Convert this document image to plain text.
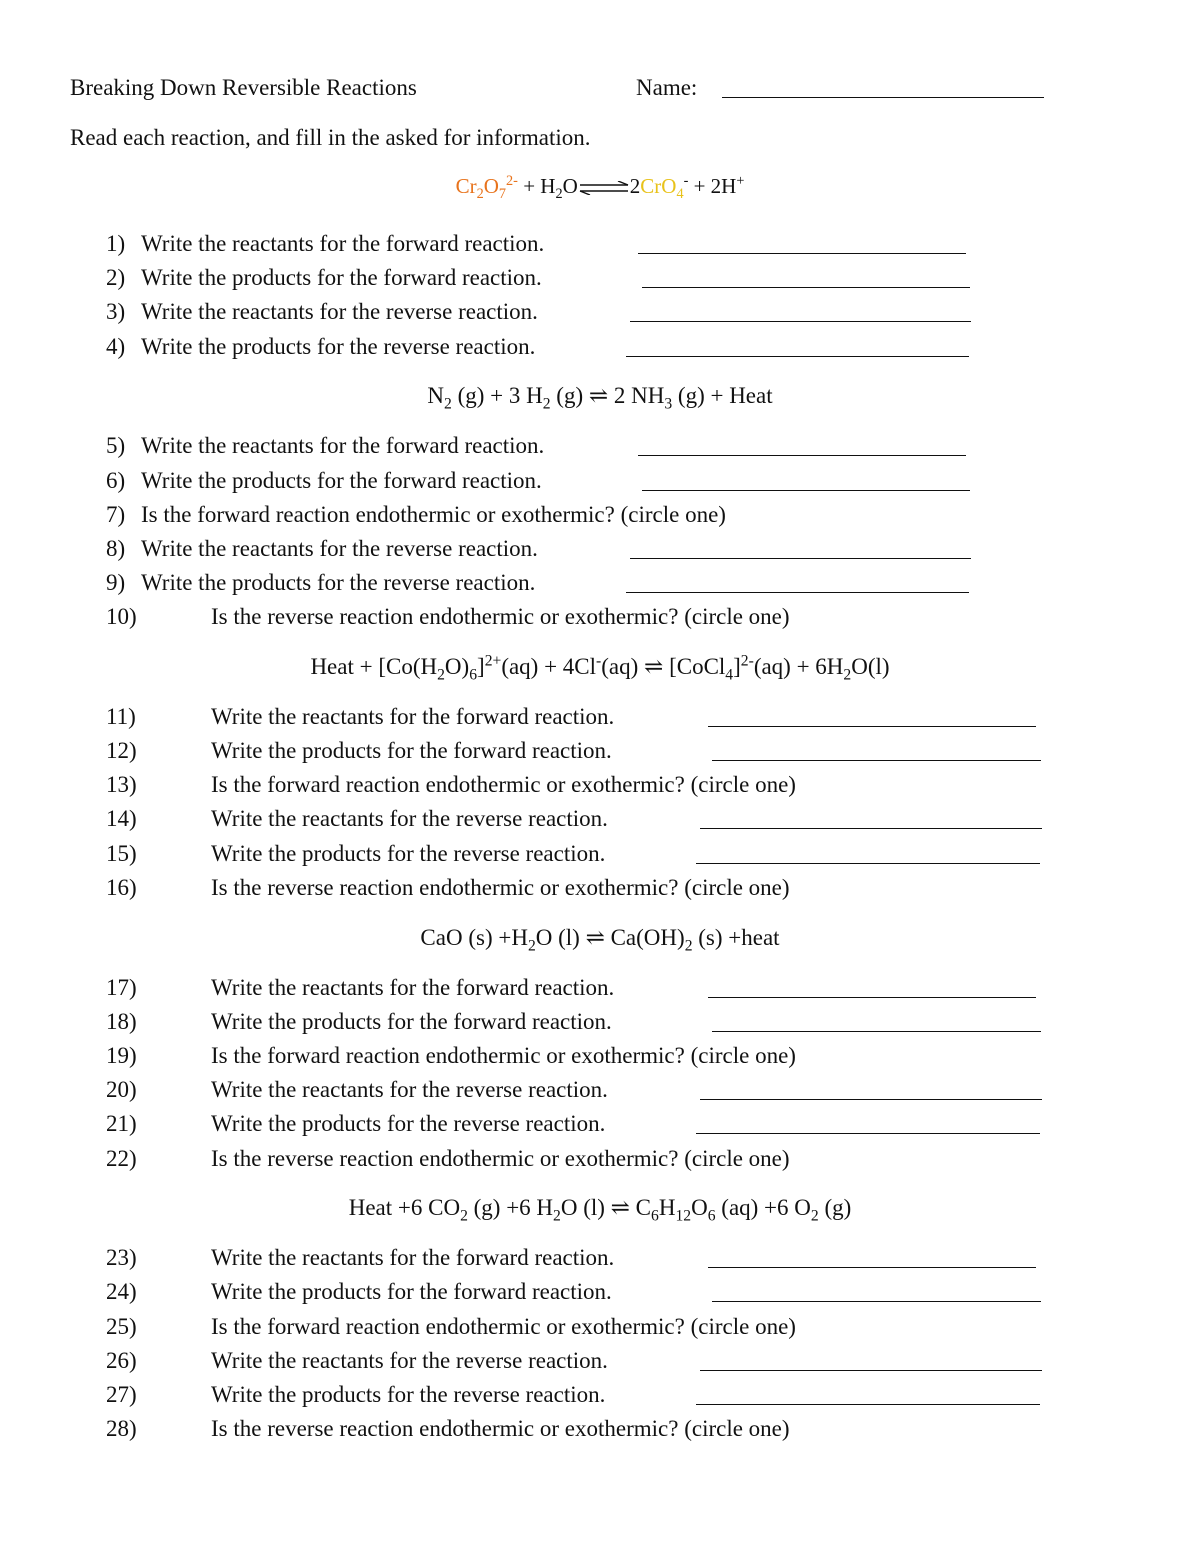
Breaking Down Reversible Reactions	Name:
Read each reaction, and fill in the asked for information.
$Cr_2O_7^{2-}$ + $H_2O\rightleftharpoons 2CrO_4^- + 2H^+$
$N_2$ (g) + 3 $H_2$ (g) ⇌ 2 $NH_3$ (g) + Heat
Heat + $[Co(H_2O)_6]^{2+}(aq) + 4Cl^-(aq)$ ⇌ [CoCl$_4$]$^{2-}$(aq) + $6H_2O(l)$
CaO $(s) +H_2O$ (l) ⇌ $Ca(OH)_2$ (s) +heat
Heat +6 $CO_2$ (g) +6 $H_2O$ (l) ⇌ $C_6H_{12}O_6$ (aq) +6 $O_2$ (g)
1) Write the reactants for the forward reaction.
2) Write the products for the forward reaction.
3) Write the reactants for the reverse reaction.
4) Write the products for the reverse reaction.
5) Write the reactants for the forward reaction.
6) Write the products for the forward reaction.
7) Is the forward reaction endothermic or exothermic? (circle one)
8) Write the reactants for the reverse reaction.
9) Write the products for the reverse reaction.
10)	Is the reverse reaction endothermic or exothermic? (circle one)
11)	Write the reactants for the forward reaction.
12)	Write the products for the forward reaction.
13)	Is the forward reaction endothermic or exothermic? (circle one)
14)	Write the reactants for the reverse reaction.
15)	Write the products for the reverse reaction.
16)	Is the reverse reaction endothermic or exothermic? (circle one)
17)	Write the reactants for the forward reaction.
18)	Write the products for the forward reaction.
19)	Is the forward reaction endothermic or exothermic? (circle one)
20)	Write the reactants for the reverse reaction.
21)	Write the products for the reverse reaction.
22)	Is the reverse reaction endothermic or exothermic? (circle one)
23)	Write the reactants for the forward reaction.
24)	Write the products for the forward reaction.
25)	Is the forward reaction endothermic or exothermic? (circle one)
26)	Write the reactants for the reverse reaction.
27)	Write the products for the reverse reaction.
28)	Is the reverse reaction endothermic or exothermic? (circle one)
